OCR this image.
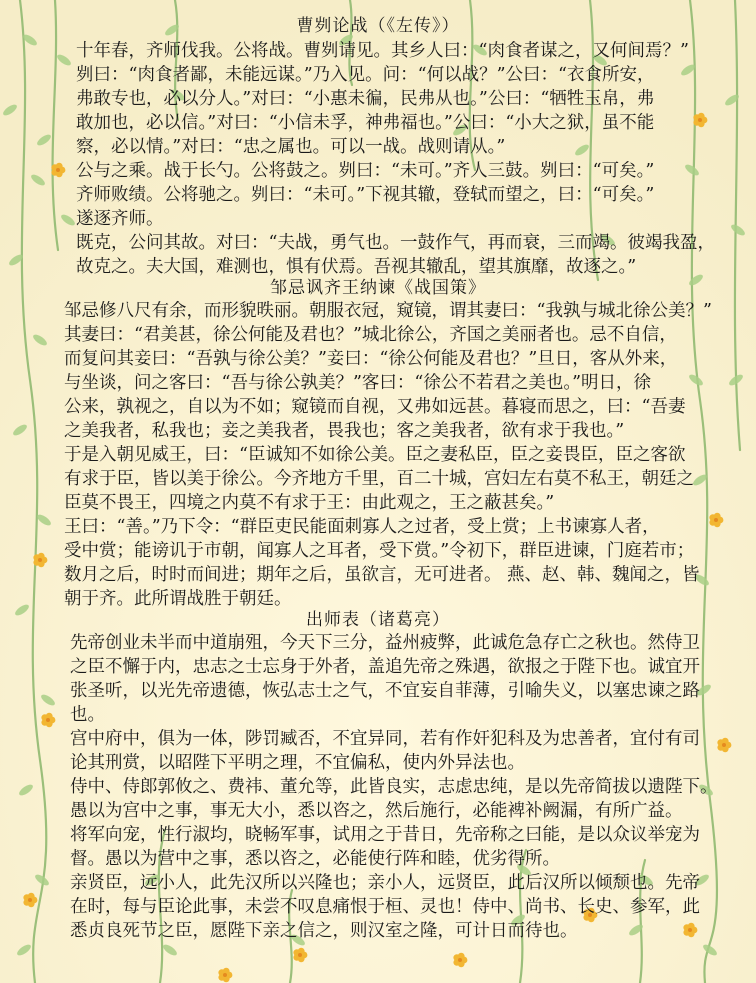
曹刿论战（《左传》）
十年春，齐师伐我。公将战。曹刿请见。其乡人曰：“肉食者谋之，又何间焉？”
刿曰：“肉食者鄙，未能远谋。”乃入见。问：“何以战？”公曰：“衣食所安，
弗敢专也，必以分人。”对曰：“小惠未徧，民弗从也。”公曰：“牺牲玉帛，弗
敢加也，必以信。”对曰：“小信未孚，神弗福也。”公曰：“小大之狱，虽不能
察，必以情。”对曰：“忠之属也。可以一战。战则请从。”
公与之乘。战于长勺。公将鼓之。刿曰：“未可。”齐人三鼓。刿曰：“可矣。”
齐师败绩。公将驰之。刿曰：“未可。”下视其辙，登轼而望之，曰：“可矣。”
遂逐齐师。
既克，公问其故。对曰：“夫战，勇气也。一鼓作气，再而衰，三而竭。彼竭我盈，
故克之。夫大国，难测也，惧有伏焉。吾视其辙乱，望其旗靡，故逐之。”
邹忌讽齐王纳谏《战国策》
邹忌修八尺有余，而形貌昳丽。朝服衣冠，窥镜，谓其妻曰：“我孰与城北徐公美？”
其妻曰：“君美甚，徐公何能及君也？”城北徐公，齐国之美丽者也。忌不自信，
而复问其妾曰：“吾孰与徐公美？”妾曰：“徐公何能及君也？”旦日，客从外来，
与坐谈，问之客曰：“吾与徐公孰美？”客曰：“徐公不若君之美也。”明日，徐
公来，孰视之，自以为不如；窥镜而自视，又弗如远甚。暮寝而思之，曰：“吾妻
之美我者，私我也；妾之美我者，畏我也；客之美我者，欲有求于我也。”
于是入朝见威王，曰：“臣诚知不如徐公美。臣之妻私臣，臣之妾畏臣，臣之客欲
有求于臣，皆以美于徐公。今齐地方千里，百二十城，宫妇左右莫不私王，朝廷之
臣莫不畏王，四境之内莫不有求于王：由此观之，王之蔽甚矣。”
王曰：“善。”乃下令：“群臣吏民能面刺寡人之过者，受上赏；上书谏寡人者，
受中赏；能谤讥于市朝，闻寡人之耳者，受下赏。”令初下，群臣进谏，门庭若市；
数月之后，时时而间进；期年之后，虽欲言，无可进者。 燕、赵、韩、魏闻之，皆
朝于齐。此所谓战胜于朝廷。
出师表（诸葛亮）
先帝创业未半而中道崩殂，今天下三分，益州疲弊，此诚危急存亡之秋也。然侍卫
之臣不懈于内，忠志之士忘身于外者，盖追先帝之殊遇，欲报之于陛下也。诚宜开
张圣听，以光先帝遗德，恢弘志士之气，不宜妄自菲薄，引喻失义，以塞忠谏之路
也。
宫中府中，俱为一体，陟罚臧否，不宜异同，若有作奸犯科及为忠善者，宜付有司
论其刑赏，以昭陛下平明之理，不宜偏私，使内外异法也。
侍中、侍郎郭攸之、费祎、董允等，此皆良实，志虑忠纯，是以先帝简拔以遗陛下。
愚以为宫中之事，事无大小，悉以咨之，然后施行，必能裨补阙漏，有所广益。
将军向宠，性行淑均，晓畅军事，试用之于昔日，先帝称之曰能，是以众议举宠为
督。愚以为营中之事，悉以咨之，必能使行阵和睦，优劣得所。
亲贤臣，远小人，此先汉所以兴隆也；亲小人，远贤臣，此后汉所以倾颓也。先帝
在时，每与臣论此事，未尝不叹息痛恨于桓、灵也！侍中、尚书、长史、参军，此
悉贞良死节之臣，愿陛下亲之信之，则汉室之隆，可计日而待也。
